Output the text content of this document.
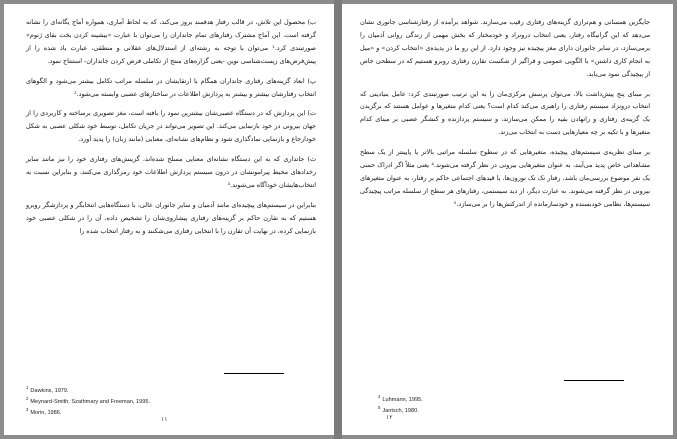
ب) محصول این تلاش، در قالب رفتار هدفمند بروز می‌کند، که به لحاظ آماری، همواره آماج یگانه‌ای را نشانه گرفته است. این آماج مشترک رفتارهای تمام جانداران را می‌توان با عبارت «بیشینه کردن بخت بقای ژنوم» صورتبندی کرد.¹ می‌توان با توجه به رشته‌ای از استدلال‌های عقلانی و منطقی، عبارت یاد شده را از پیش‌فرض‌های زیست‌شناسی نوین -یعنی گزاره‌های منتج از تکاملی فرض کردن جانداران- استنتاج نمود.

پ) ابعاد گزینه‌های رفتاری جانداران همگام با ارتقایشان در سلسله مراتب تکامل بیشتر می‌شود و الگوهای انتخاب رفتارشان بیشتر و بیشتر به پردازش اطلاعات در ساختارهای عصبی وابسته می‌شود.²

ت) این پردازش که در دستگاه عصبی‌شان بیشترین نمود را یافته است، مغز تصویری برساخته و کاربردی را از جهان بیرونی در خود بازنمایی می‌کند. این تصویر می‌تواند در جریان تکامل، توسط خود شکلی عصبی به شکل خودارجاع و بازنمایی نمادگذاری شود و نظام‌های نشانه‌ای، معنایی (مانند زبان) را پدید آورد.

ث) جانداری که به این دستگاه نشانه‌ای معنایی مسلح شده‌اند، گزینش‌های رفتاری خود را نیز مانند سایر رخدادهای محیط پیرامونشان در درون سیستم پردازش اطلاعات خود رمزگذاری می‌کنند، و بنابراین نسبت به انتخاب‌هایشان خودآگاه می‌شوند.³

بنابراین در سیستم‌های پیچیده‌ای مانند آدمیان و سایر جانوران عالی، با دستگاه‌هایی انتخابگر و پردازشگر روبرو هستیم که به تقارن حاکم بر گزینه‌های رفتاری پیشاروی‌شان را تشخیص داده، آن را در شکلی عصبی خود بازنمایی کرده، در نهایت آن تقارن را با انتخابی رفتاری می‌شکنند و به رفتار انتخاب شده را

$^1$Dawkins, 1979.
$^2$Meynard-Smith, Szathmary and Freeman, 1995.
$^3$Morin, 1986.
۱۱

جایگزین همسانی و هم‌ترازی گزینه‌های رفتاری رقیب می‌سازند. شواهد برآمده از رفتارشناسی جانوری نشان می‌دهد که این گرانیگاه رفتار، یعنی انتخاب درونزاد و خودمختار که بخش مهمی از زندگی روانی آدمیان را برمی‌سازد، در سایر جانوران دارای مغز پیچیده نیز وجود دارد. از این رو ما در پدیده‌ی «انتخاب کردن» و «میل به انجام کاری داشتن» با الگویی عمومی و فراگیر از شکست تقارن رفتاری روبرو هستیم که در سطحی خاص از پیچیدگی نمود می‌یابد.

بر مبنای پنج پیش‌داشت بالا، می‌توان پرسش مرکزی‌مان را به این ترتیب صورتبندی کرد: عامل بنیادینی که انتخاب درونزاد سیستم رفتاری را راهبری می‌کند کدام است؟ یعنی کدام متغیرها و عوامل هستند که برگزیدن یک گزینه‌ی رفتاری و رانهادن بقیه را ممکن می‌سازند، و سیستم پردازنده و کنشگر عصبی بر مبنای کدام متغیرها و با تکیه بر چه معیارهایی دست به انتخاب می‌زند.

بر مبنای نظریه‌ی سیستم‌های پیچیده، متغیرهایی که در سطوح سلسله مراتبی بالاتر یا پایینتر از یک سطح مشاهداتی خاص پدید می‌آیند، به عنوان متغیرهایی بیرونی در نظر گرفته می‌شوند.⁴ یعنی مثلاً اگر ادراک حسی یک نفر موضوع بررسی‌مان باشد، رفتار تک تک نورون‌ها، یا قیدهای اجتماعی حاکم بر رفتار، به عنوان متغیرهای بیرونی در نظر گرفته می‌شوند. به عبارت دیگر، از دید سیستمی، رفتارهای هر سطح از سلسله مراتب پیچیدگی سیستم‌ها، نظامی خودبسنده و خودسازمانده از اندرکنش‌ها را بر می‌سازد.⁵

$^4$Luhmann, 1995.
$^5$Jantsch, 1980.
۱۲
